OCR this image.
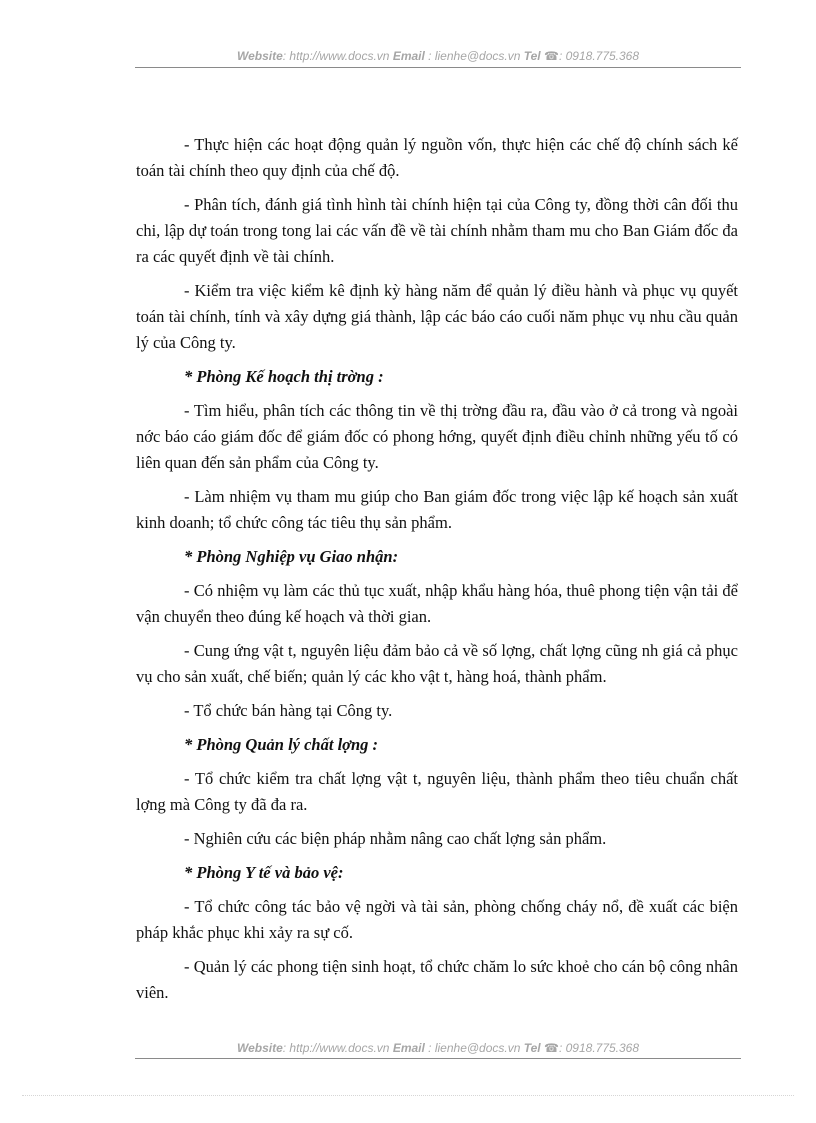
Website: http://www.docs.vn Email : lienhe@docs.vn Tel ☎: 0918.775.368

- Thực hiện các hoạt động quản lý nguồn vốn, thực hiện các chế độ chính sách kế toán tài chính theo quy định của chế độ.

- Phân tích, đánh giá tình hình tài chính hiện tại của Công ty, đồng thời cân đối thu chi, lập dự toán trong tong lai các vấn đề về tài chính nhằm tham mu cho Ban Giám đốc đa ra các quyết định về tài chính.

- Kiểm tra việc kiểm kê định kỳ hàng năm để quản lý điều hành và phục vụ quyết toán tài chính, tính và xây dựng giá thành, lập các báo cáo cuối năm phục vụ nhu cầu quản lý của Công ty.

* Phòng Kế hoạch thị trờng :

- Tìm hiểu, phân tích các thông tin về thị trờng đầu ra, đầu vào ở cả trong và ngoài nớc báo cáo giám đốc để giám đốc có phong hớng, quyết định điều chỉnh những yếu tố có liên quan đến sản phẩm của Công ty.

- Làm nhiệm vụ tham mu giúp cho Ban giám đốc trong việc lập kế hoạch sản xuất kinh doanh; tổ chức công tác tiêu thụ sản phẩm.

* Phòng Nghiệp vụ Giao nhận:

- Có nhiệm vụ làm các thủ tục xuất, nhập khẩu hàng hóa, thuê phong tiện vận tải để vận chuyển theo đúng kế hoạch và thời gian.

- Cung ứng vật t, nguyên liệu đảm bảo cả về số lợng, chất lợng cũng nh giá cả phục vụ cho sản xuất, chế biến; quản lý các kho vật t, hàng hoá, thành phẩm.

- Tổ chức bán hàng tại Công ty.

* Phòng Quản lý chất lợng :

- Tổ chức kiểm tra chất lợng vật t, nguyên liệu, thành phẩm theo tiêu chuẩn chất lợng mà Công ty đã đa ra.

- Nghiên cứu các biện pháp nhằm nâng cao chất lợng sản phẩm.

* Phòng Y tế và bảo vệ:

- Tổ chức công tác bảo vệ ngời và tài sản, phòng chống cháy nổ, đề xuất các biện pháp khắc phục khi xảy ra sự cố.

- Quản lý các phong tiện sinh hoạt, tổ chức chăm lo sức khoẻ cho cán bộ công nhân viên.

Website: http://www.docs.vn Email : lienhe@docs.vn Tel ☎: 0918.775.368
